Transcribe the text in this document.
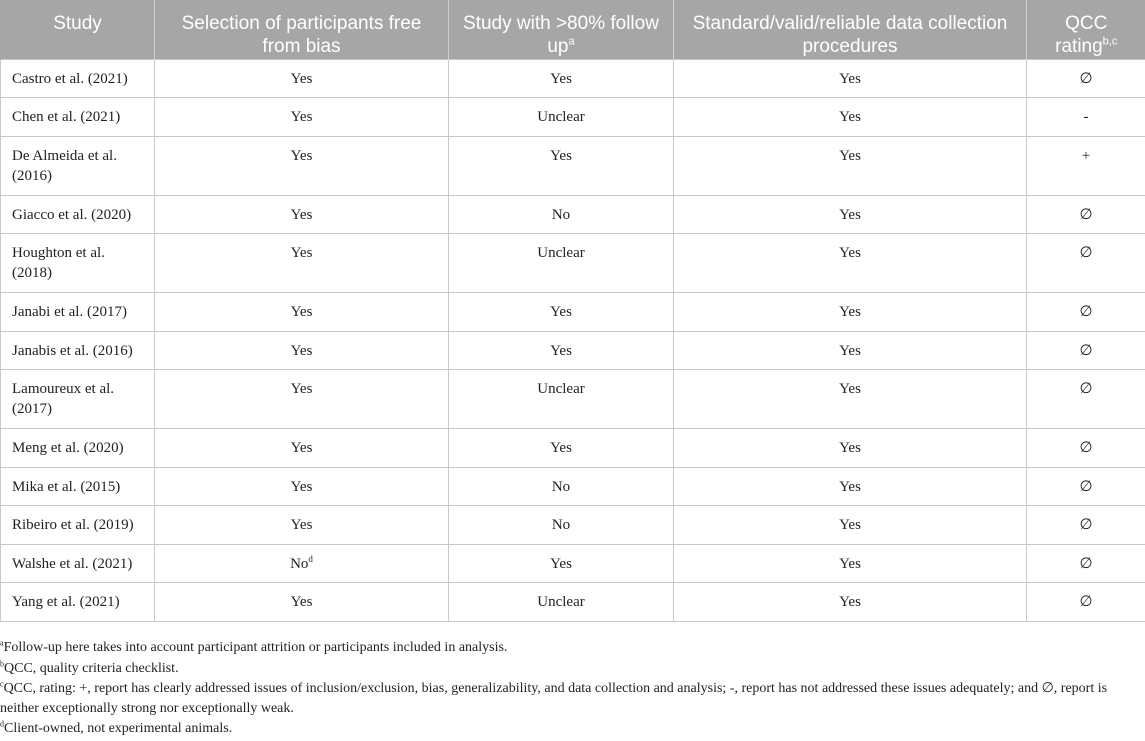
Study	Selection of participants free from bias	Study with >80% follow $up^a$	Standard/valid/reliable data collection procedures	QCC rating$^{b,c}$
Castro et al. (2021)	Yes	Yes	Yes	∅
Chen et al. (2021)	Yes	Unclear	Yes	-
De Almeida et al. (2016)	Yes	Yes	Yes	+
Giacco et al. (2020)	Yes	No	Yes	∅
Houghton et al. (2018)	Yes	Unclear	Yes	∅
Janabi et al. (2017)	Yes	Yes	Yes	∅
Janabis et al. (2016)	Yes	Yes	Yes	∅
Lamoureux et al. (2017)	Yes	Unclear	Yes	∅
Meng et al. (2020)	Yes	Yes	Yes	∅
Mika et al. (2015)	Yes	No	Yes	∅
Ribeiro et al. (2019)	Yes	No	Yes	∅
Walshe et al. (2021)	No$^d$	Yes	Yes	∅
Yang et al. (2021)	Yes	Unclear	Yes	∅

$^a$Follow-up here takes into account participant attrition or participants included in analysis.

$^b$QCC, quality criteria checklist.

$^c$QCC, rating: +, report has clearly addressed issues of inclusion/exclusion, bias, generalizability, and data collection and analysis; -, report has not addressed these issues adequately; and ∅, report is neither exceptionally strong nor exceptionally weak.

$^d$Client-owned, not experimental animals.
